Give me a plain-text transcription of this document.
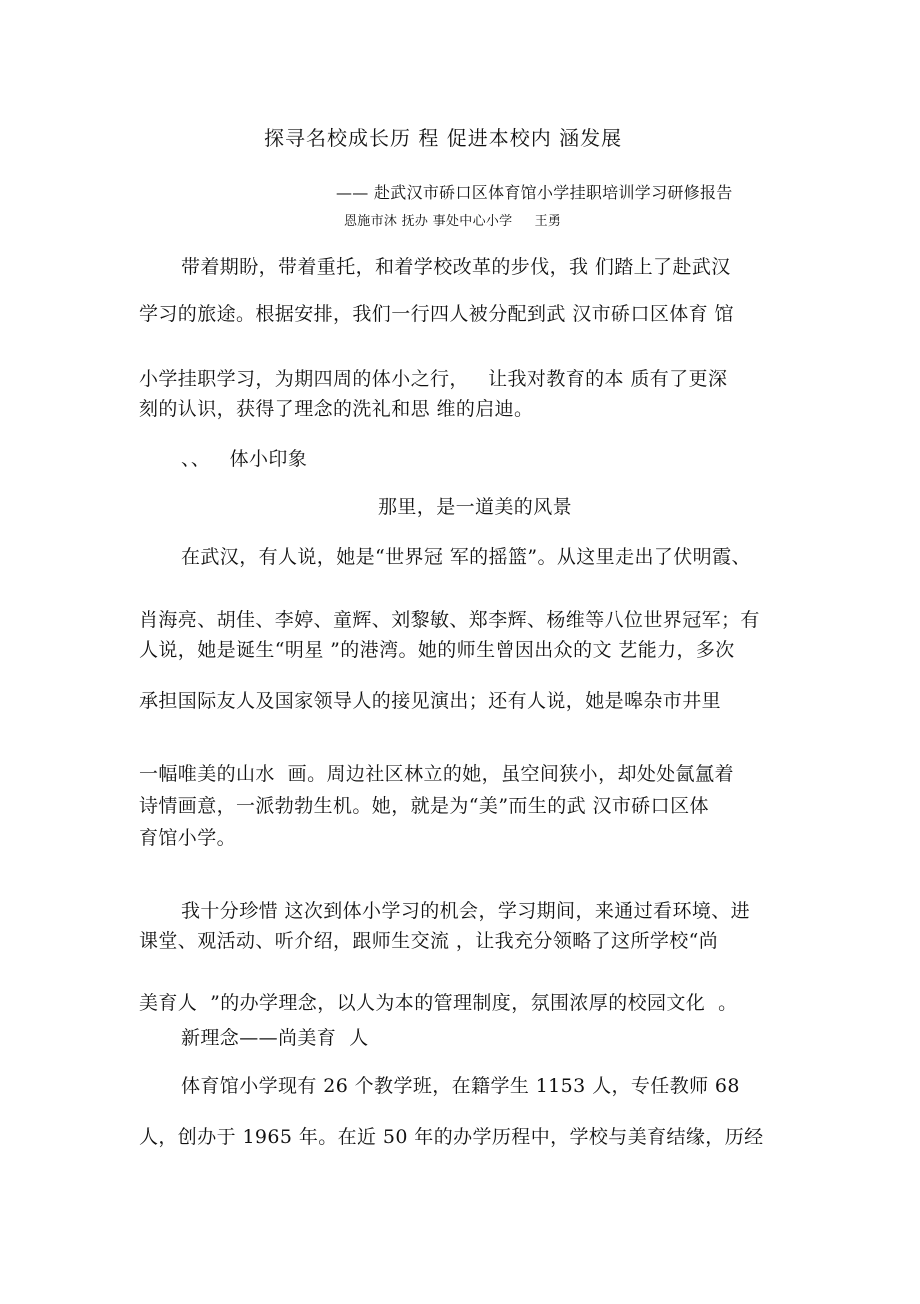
探寻名校成长历 程 促进本校内 涵发展
—— 赴武汉市硚口区体育馆小学挂职培训学习研修报告
恩施市沐 抚办 事处中心小学     王勇
带着期盼，带着重托，和着学校改革的步伐，我 们踏上了赴武汉
学习的旅途。根据安排，我们一行四人被分配到武 汉市硚口区体育 馆
小学挂职学习，为期四周的体小之行，   让我对教育的本 质有了更深
刻的认识，获得了理念的洗礼和思 维的启迪。
、、   体小印象
那里，是一道美的风景
在武汉，有人说，她是“世界冠 军的摇篮”。从这里走出了伏明霞、
肖海亮、胡佳、李婷、童辉、刘黎敏、郑李辉、杨维等八位世界冠军；有
人说，她是诞生“明星 ”的港湾。她的师生曾因出众的文 艺能力，多次
承担国际友人及国家领导人的接见演出；还有人说，她是嗥杂市井里
一幅唯美的山水  画。周边社区林立的她，虽空间狭小，却处处氤氲着
诗情画意，一派勃勃生机。她，就是为“美”而生的武 汉市硚口区体
育馆小学。
我十分珍惜 这次到体小学习的机会，学习期间，来通过看环境、进
课堂、观活动、听介绍，跟师生交流 ，让我充分领略了这所学校“尚
美育人  ”的办学理念，以人为本的管理制度，氛围浓厚的校园文化  。
新理念——尚美育  人
体育馆小学现有 26 个教学班，在籍学生 1153 人，专任教师 68
人，创办于 1965 年。在近 50 年的办学历程中，学校与美育结缘，历经
